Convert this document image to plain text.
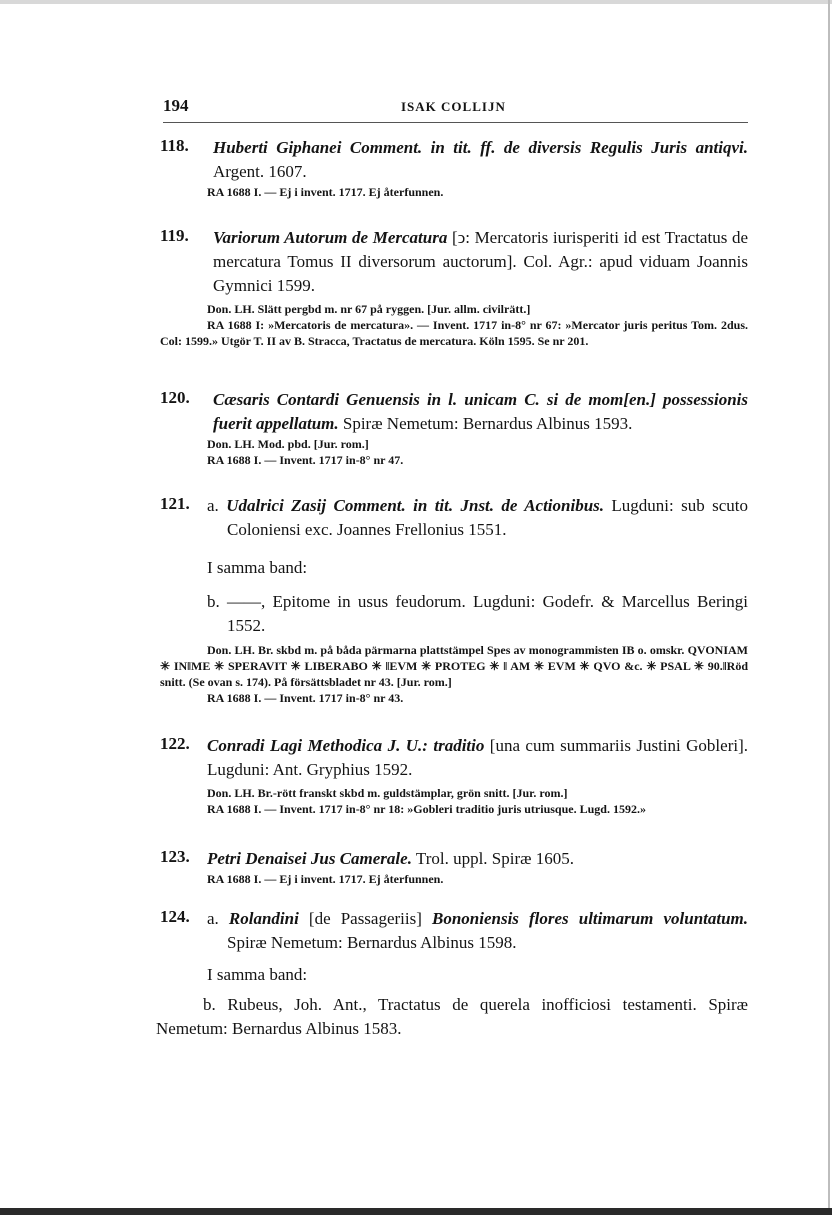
194	ISAK COLLIJN
118. Huberti Giphanei Comment. in tit. ff. de diversis Regulis Juris antiqvi. Argent. 1607.
RA 1688 I. — Ej i invent. 1717. Ej återfunnen.
119. Variorum Autorum de Mercatura [ↄ: Mercatoris iurisperiti id est Tractatus de mercatura Tomus II diversorum auctorum]. Col. Agr.: apud viduam Joannis Gymnici 1599.
Don. LH. Slätt pergbd m. nr 67 på ryggen. [Jur. allm. civilrätt.]
RA 1688 I: »Mercatoris de mercatura». — Invent. 1717 in-8° nr 67: »Mercator juris peritus Tom. 2dus. Col: 1599.» Utgör T. II av B. Stracca, Tractatus de mercatura. Köln 1595. Se nr 201.
120. Cæsaris Contardi Genuensis in l. unicam C. si de mom[en.] possessionis fuerit appellatum. Spiræ Nemetum: Bernardus Albinus 1593.
Don. LH. Mod. pbd. [Jur. rom.]
RA 1688 I. — Invent. 1717 in-8° nr 47.
121. a. Udalrici Zasij Comment. in tit. Jnst. de Actionibus. Lugduni: sub scuto Coloniensi exc. Joannes Frellonius 1551.
I samma band:
b. ——, Epitome in usus feudorum. Lugduni: Godefr. & Marcellus Beringi 1552.
Don. LH. Br. skbd m. på båda pärmarna plattstämpel Spes av monogrammisten IB o. omskr. QVONIAM ✳ IN‖ME ✳ SPERAVIT ✳ LIBERABO ✳ ‖EVM ✳ PROTEG ✳ ‖ AM ✳ EVM ✳ QVO &c. ✳ PSAL ✳ 90.‖Röd snitt. (Se ovan s. 174). På försättsbladet nr 43. [Jur. rom.]
RA 1688 I. — Invent. 1717 in-8° nr 43.
122. Conradi Lagi Methodica J. U.: traditio [una cum summariis Justini Gobleri]. Lugduni: Ant. Gryphius 1592.
Don. LH. Br.-rött franskt skbd m. guldstämplar, grön snitt. [Jur. rom.]
RA 1688 I. — Invent. 1717 in-8° nr 18: »Gobleri traditio juris utriusque. Lugd. 1592.»
123. Petri Denaisei Jus Camerale. Trol. uppl. Spiræ 1605.
RA 1688 I. — Ej i invent. 1717. Ej återfunnen.
124. a. Rolandini [de Passageriis] Bononiensis flores ultimarum voluntatum. Spiræ Nemetum: Bernardus Albinus 1598.
I samma band:
b. Rubeus, Joh. Ant., Tractatus de querela inofficiosi testamenti. Spiræ Nemetum: Bernardus Albinus 1583.
